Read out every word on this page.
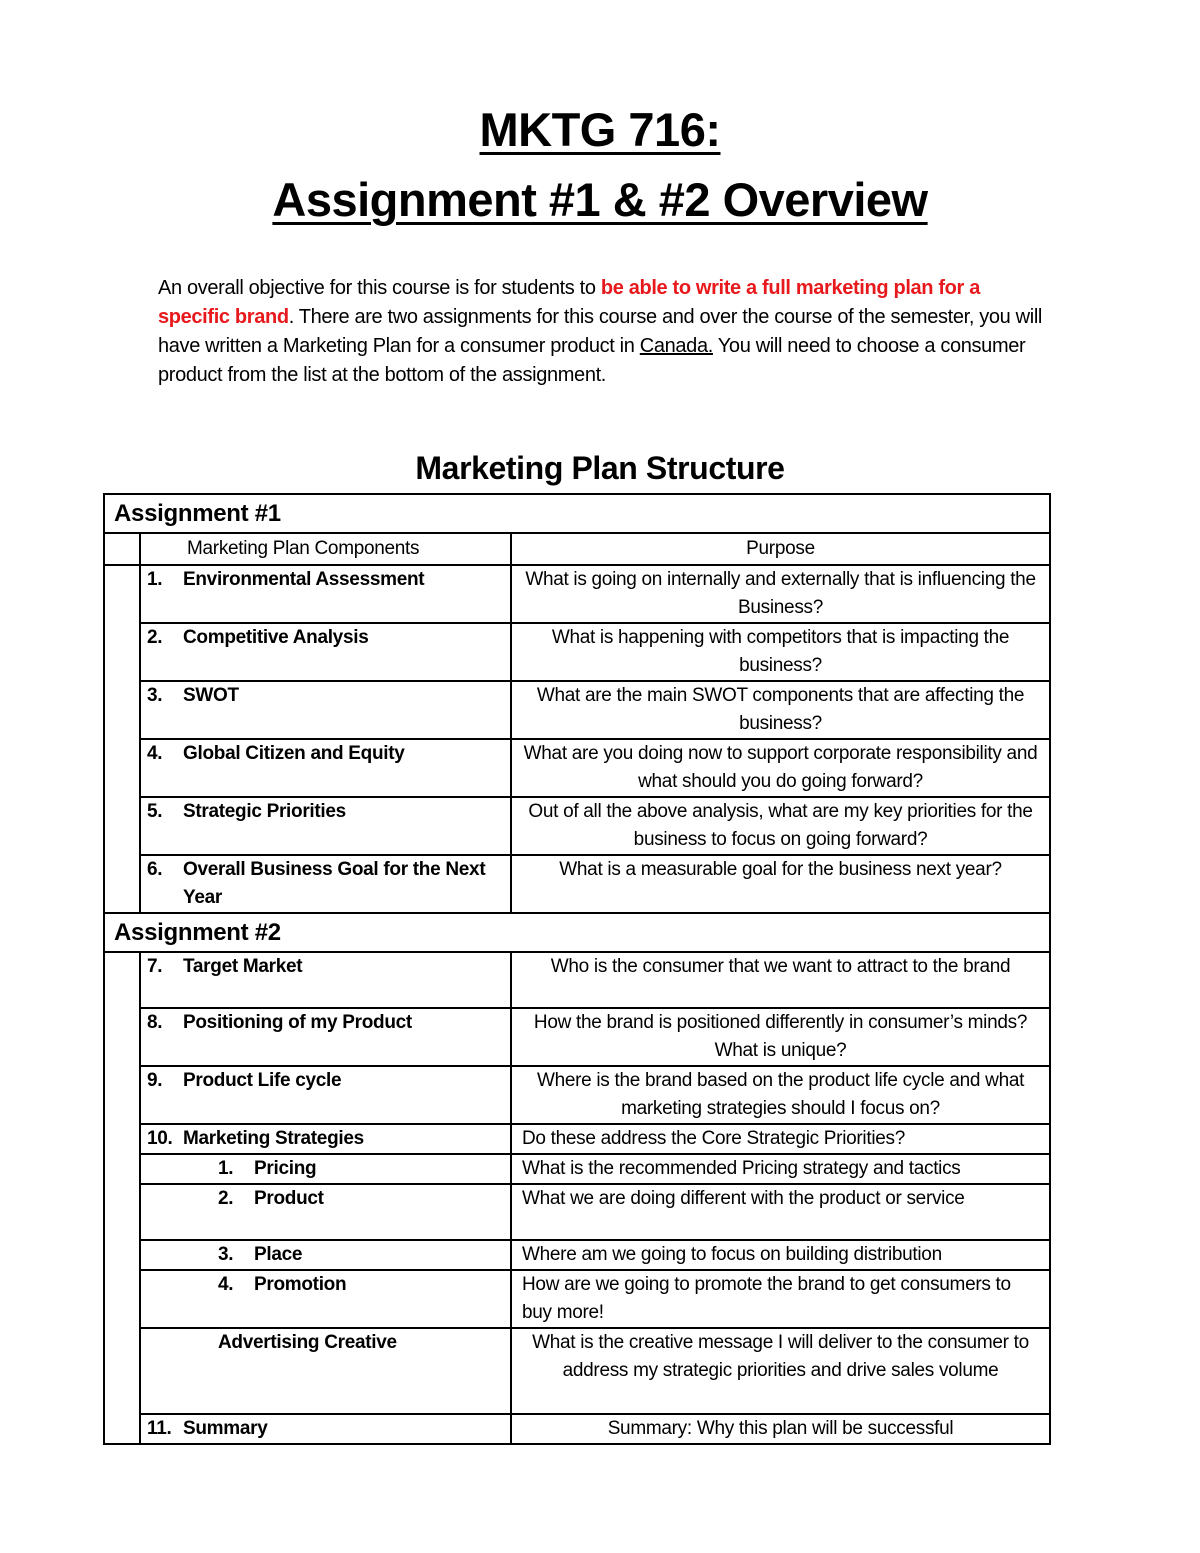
MKTG 716:
Assignment #1 & #2 Overview
An overall objective for this course is for students to be able to write a full marketing plan for a specific brand. There are two assignments for this course and over the course of the semester, you will have written a Marketing Plan for a consumer product in Canada. You will need to choose a consumer product from the list at the bottom of the assignment.
Marketing Plan Structure
Assignment #1		
	Marketing Plan Components	Purpose
	1. Environmental Assessment	What is going on internally and externally that is influencing the Business?
	2. Competitive Analysis	What is happening with competitors that is impacting the business?
	3. SWOT	What are the main SWOT components that are affecting the business?
	4. Global Citizen and Equity	What are you doing now to support corporate responsibility and what should you do going forward?
	5. Strategic Priorities	Out of all the above analysis, what are my key priorities for the business to focus on going forward?
	6. Overall Business Goal for the Next Year	What is a measurable goal for the business next year?
Assignment #2		
	7. Target Market	Who is the consumer that we want to attract to the brand
	8. Positioning of my Product	How the brand is positioned differently in consumer’s minds? What is unique?
	9. Product Life cycle	Where is the brand based on the product life cycle and what marketing strategies should I focus on?
	10. Marketing Strategies	Do these address the Core Strategic Priorities?
	1. Pricing	What is the recommended Pricing strategy and tactics
	2. Product	What we are doing different with the product or service
	3. Place	Where am we going to focus on building distribution
	4. Promotion	How are we going to promote the brand to get consumers to buy more!
	Advertising Creative	What is the creative message I will deliver to the consumer to address my strategic priorities and drive sales volume
	11. Summary	Summary: Why this plan will be successful
